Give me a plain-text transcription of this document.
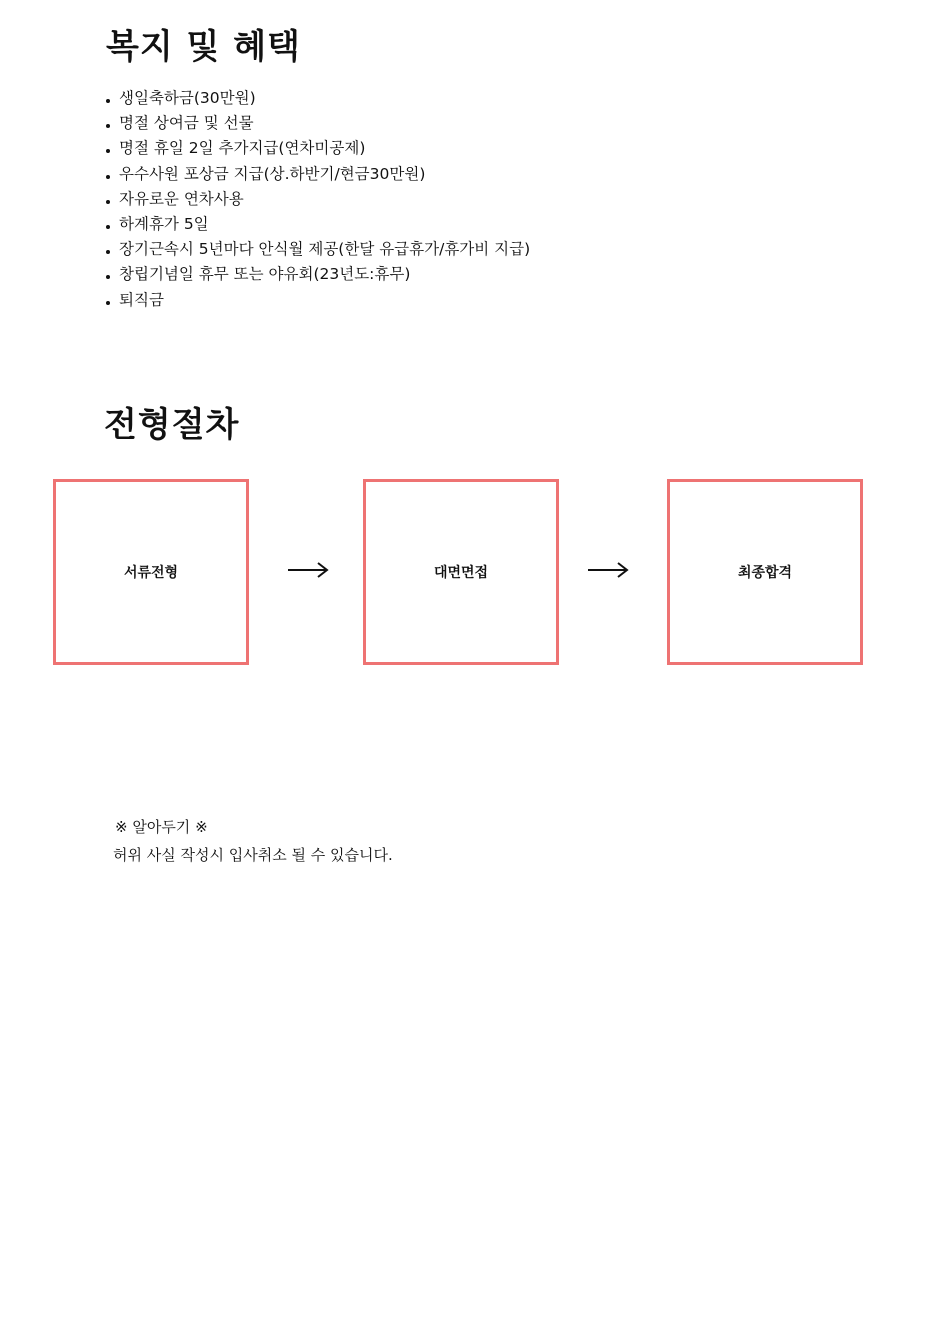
복지 및 혜택
생일축하금(30만원)
명절 상여금 및 선물
명절 휴일 2일 추가지급(연차미공제)
우수사원 포상금 지급(상.하반기/현금30만원)
자유로운 연차사용
하계휴가 5일
장기근속시 5년마다 안식월 제공(한달 유급휴가/휴가비 지급)
창립기념일 휴무 또는 야유회(23년도:휴무)
퇴직금
전형절차
서류전형	대면면접	최종합격
※ 알아두기 ※
허위 사실 작성시 입사취소 될 수 있습니다.
